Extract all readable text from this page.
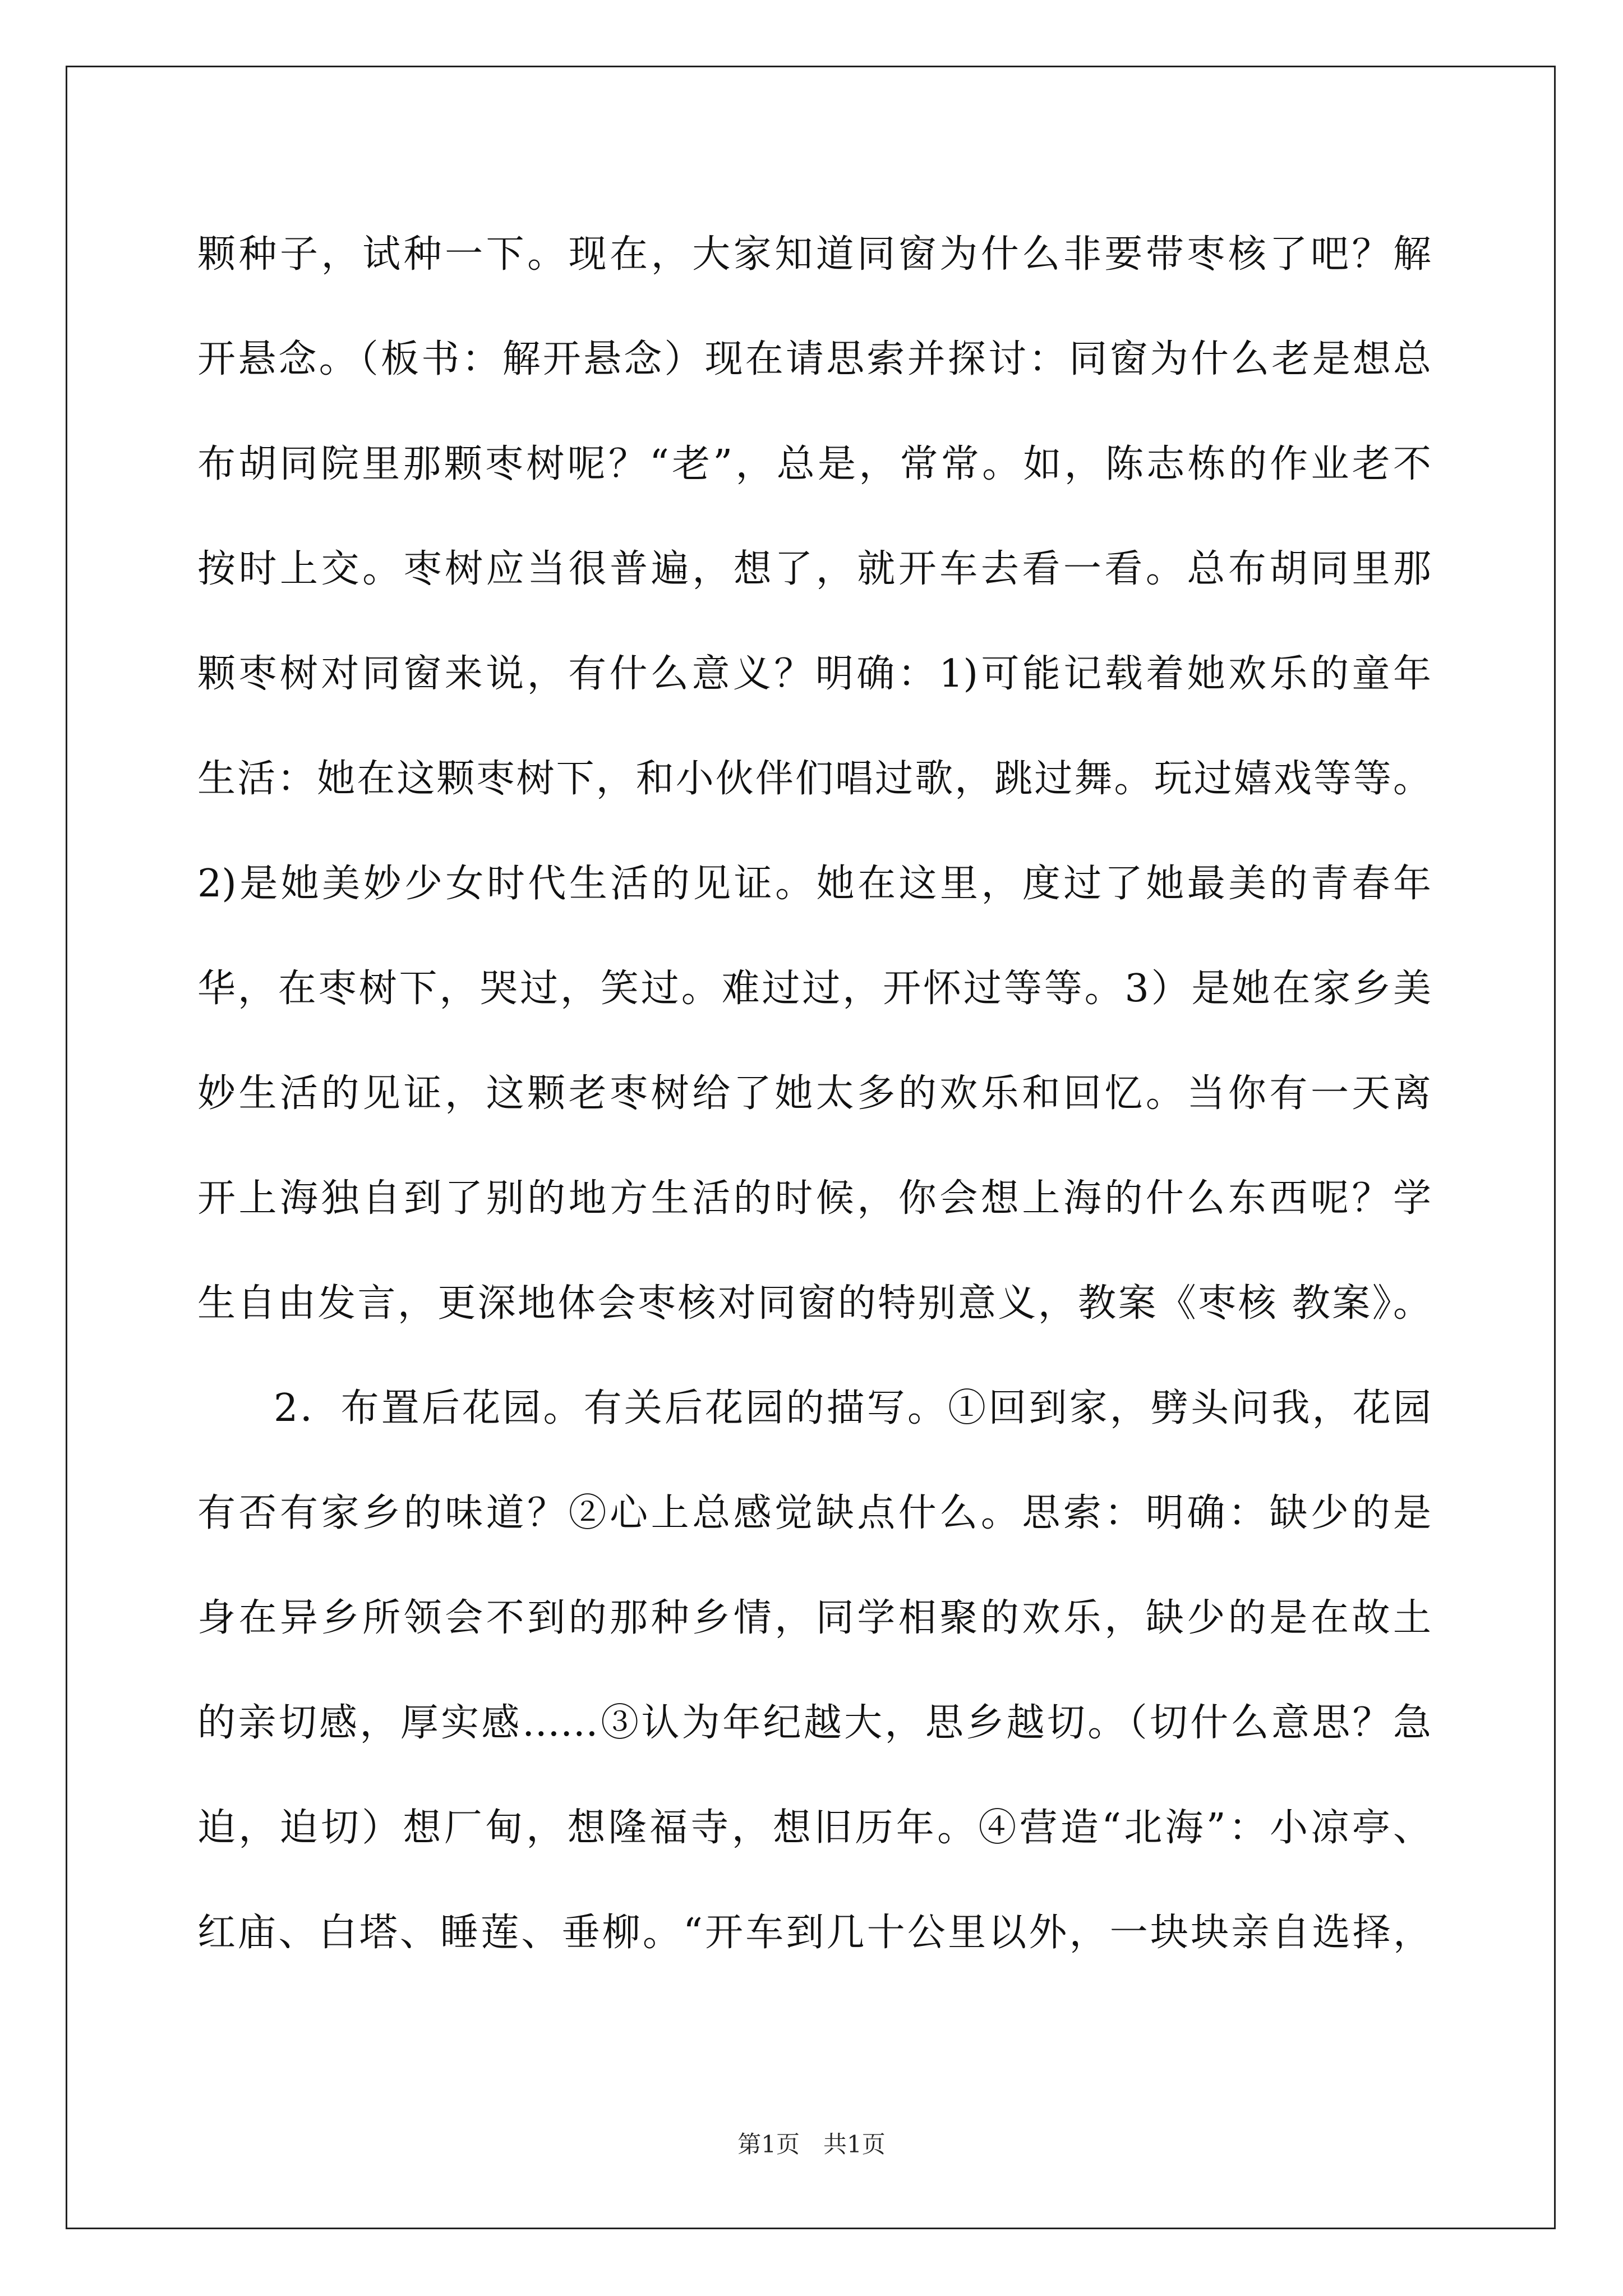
颗种子，试种一下。现在，大家知道同窗为什么非要带枣核了吧？解
开悬念。（板书：解开悬念）现在请思索并探讨：同窗为什么老是想总
布胡同院里那颗枣树呢？“老”，总是，常常。如，陈志栋的作业老不
按时上交。枣树应当很普遍，想了，就开车去看一看。总布胡同里那
颗枣树对同窗来说，有什么意义？明确：1)可能记载着她欢乐的童年
生活：她在这颗枣树下，和小伙伴们唱过歌，跳过舞。玩过嬉戏等等。
2)是她美妙少女时代生活的见证。她在这里，度过了她最美的青春年
华，在枣树下，哭过，笑过。难过过，开怀过等等。3）是她在家乡美
妙生活的见证，这颗老枣树给了她太多的欢乐和回忆。当你有一天离
开上海独自到了别的地方生活的时候，你会想上海的什么东西呢？学
生自由发言，更深地体会枣核对同窗的特别意义，教案《枣核 教案》。
2．布置后花园。有关后花园的描写。①回到家，劈头问我，花园
有否有家乡的味道？②心上总感觉缺点什么。思索：明确：缺少的是
身在异乡所领会不到的那种乡情，同学相聚的欢乐，缺少的是在故土
的亲切感，厚实感……③认为年纪越大，思乡越切。（切什么意思？急
迫，迫切）想厂甸，想隆福寺，想旧历年。④营造“北海”：小凉亭、
红庙、白塔、睡莲、垂柳。“开车到几十公里以外，一块块亲自选择，
第1页　共1页
